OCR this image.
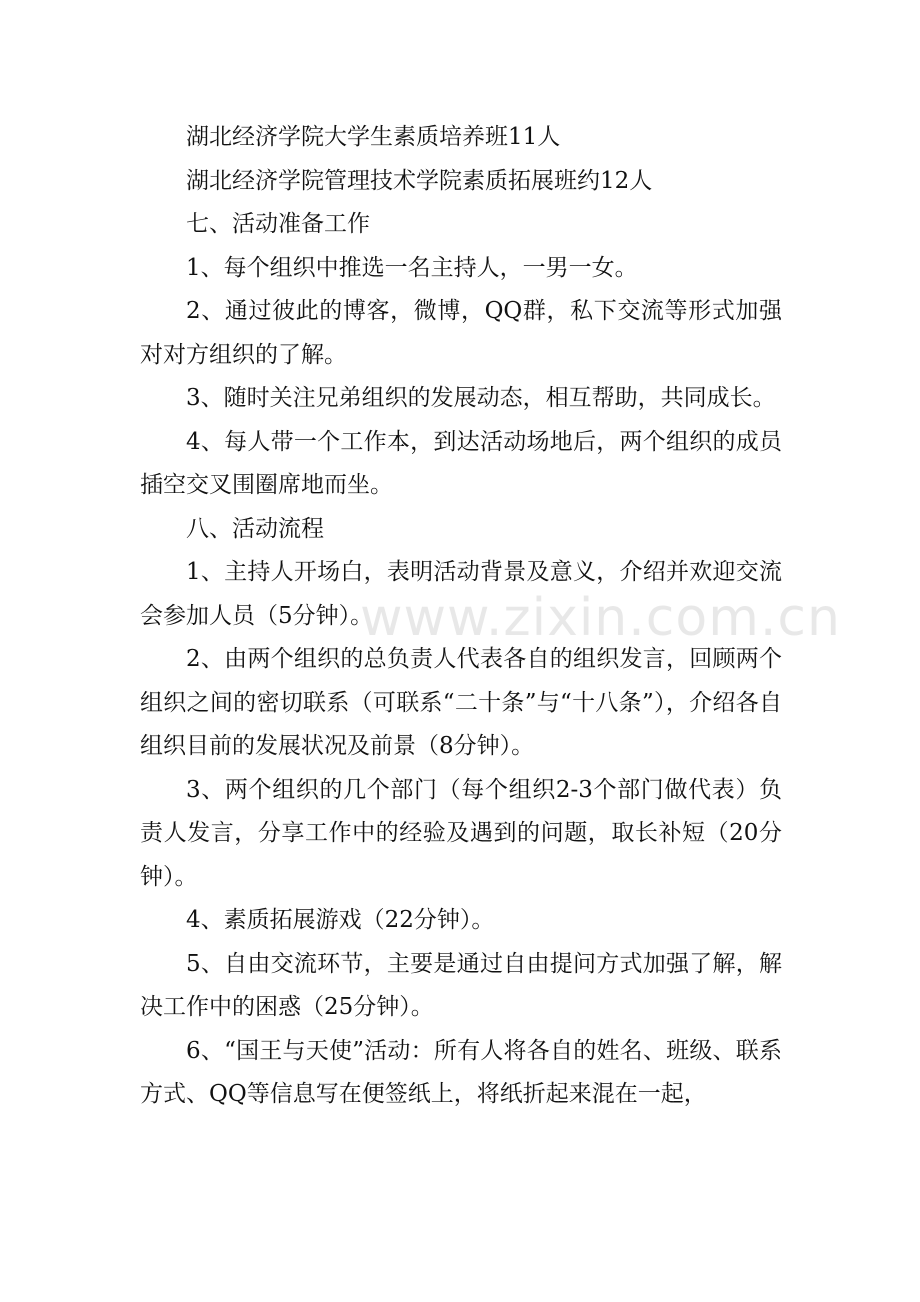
湖北经济学院大学生素质培养班11人

湖北经济学院管理技术学院素质拓展班约12人

七、活动准备工作

1、每个组织中推选一名主持人，一男一女。

2、通过彼此的博客，微博，QQ群，私下交流等形式加强对对方组织的了解。

3、随时关注兄弟组织的发展动态，相互帮助，共同成长。

4、每人带一个工作本，到达活动场地后，两个组织的成员插空交叉围圈席地而坐。

八、活动流程

1、主持人开场白，表明活动背景及意义，介绍并欢迎交流会参加人员（5分钟）。

2、由两个组织的总负责人代表各自的组织发言，回顾两个组织之间的密切联系（可联系“二十条”与“十八条”），介绍各自组织目前的发展状况及前景（8分钟）。

3、两个组织的几个部门（每个组织2-3个部门做代表）负责人发言，分享工作中的经验及遇到的问题，取长补短（20分钟）。

4、素质拓展游戏（22分钟）。

5、自由交流环节，主要是通过自由提问方式加强了解，解决工作中的困惑（25分钟）。

6、“国王与天使”活动：所有人将各自的姓名、班级、联系方式、QQ等信息写在便签纸上，将纸折起来混在一起，

www.zixin.com.cn
